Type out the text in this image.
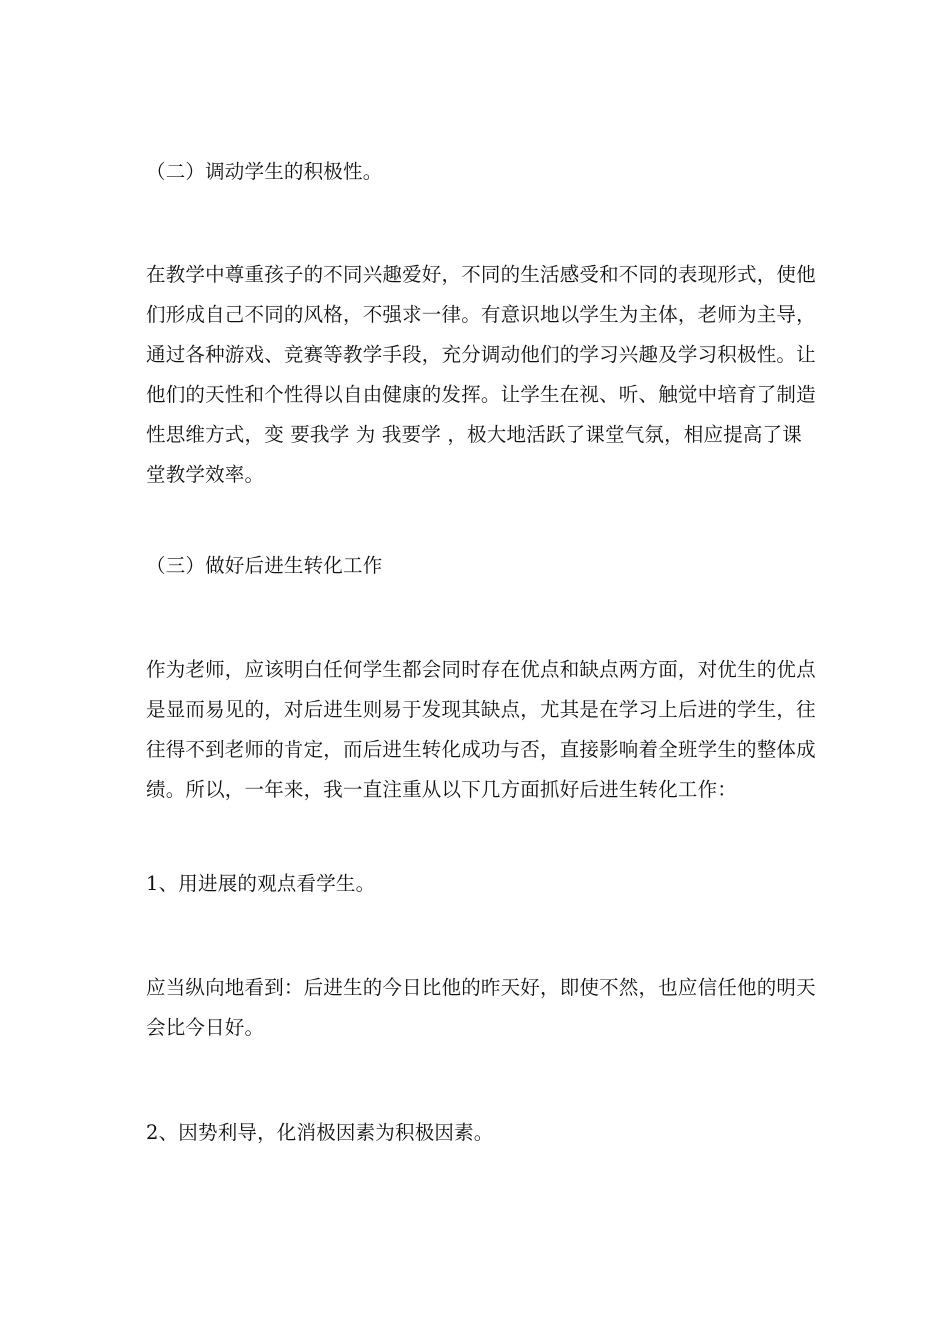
（二）调动学生的积极性。

在教学中尊重孩子的不同兴趣爱好，不同的生活感受和不同的表现形式，使他
们形成自己不同的风格，不强求一律。有意识地以学生为主体，老师为主导，
通过各种游戏、竞赛等教学手段，充分调动他们的学习兴趣及学习积极性。让
他们的天性和个性得以自由健康的发挥。让学生在视、听、触觉中培育了制造
性思维方式，变 要我学 为 我要学 ，极大地活跃了课堂气氛，相应提高了课
堂教学效率。

（三）做好后进生转化工作

作为老师，应该明白任何学生都会同时存在优点和缺点两方面，对优生的优点
是显而易见的，对后进生则易于发现其缺点，尤其是在学习上后进的学生，往
往得不到老师的肯定，而后进生转化成功与否，直接影响着全班学生的整体成
绩。所以，一年来，我一直注重从以下几方面抓好后进生转化工作：

1、用进展的观点看学生。

应当纵向地看到：后进生的今日比他的昨天好，即使不然，也应信任他的明天
会比今日好。

2、因势利导，化消极因素为积极因素。
